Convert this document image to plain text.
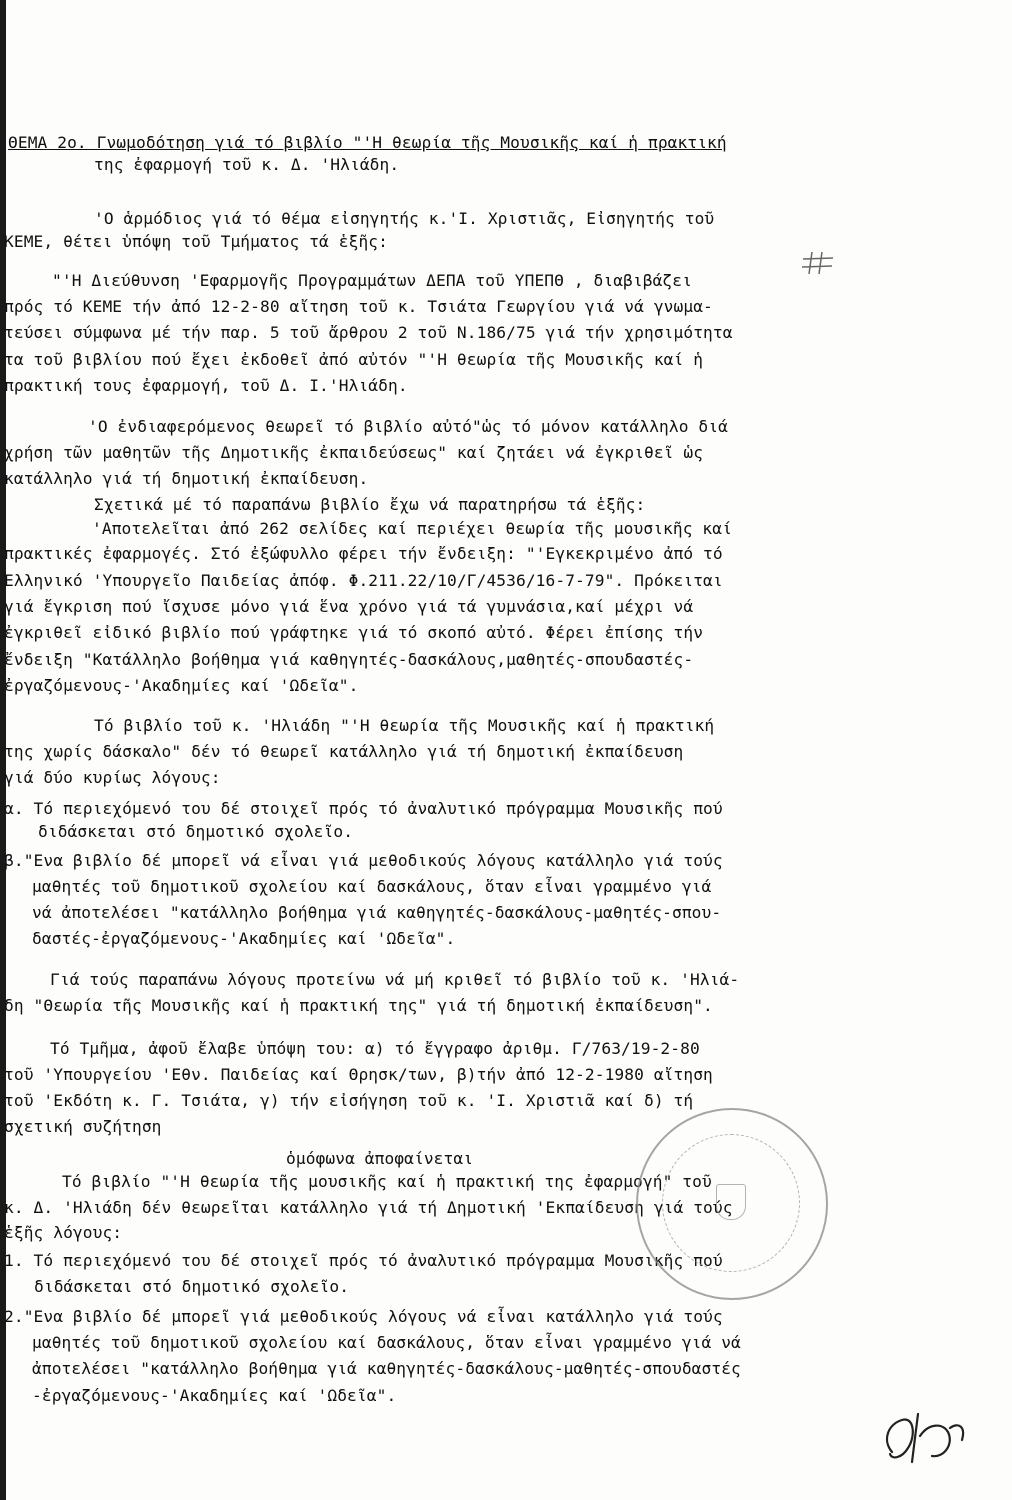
ΘΕΜΑ 2ο. Γνωμοδότηση γιά τό βιβλίο "'Η θεωρία τῆς Μουσικῆς καί ἡ πρακτική
της ἐφαρμογή τοῦ κ. Δ. 'Ηλιάδη.
'Ο ἁρμόδιος γιά τό θέμα εἰσηγητής κ.'Ι. Χριστιᾶς, Εἰσηγητής τοῦ
ΚΕΜΕ, θέτει ὑπόψη τοῦ Τμήματος τά ἑξῆς:
"'Η Διεύθυνση 'Εφαρμογῆς Προγραμμάτων ΔΕΠΑ τοῦ ΥΠΕΠΘ , διαβιβάζει
πρός τό ΚΕΜΕ τήν ἀπό 12-2-80 αἴτηση τοῦ κ. Τσιάτα Γεωργίου γιά νά γνωμα-
τεύσει σύμφωνα μέ τήν παρ. 5 τοῦ ἄρθρου 2 τοῦ Ν.186/75 γιά τήν χρησιμότητα
τα τοῦ βιβλίου πού ἔχει ἐκδοθεῖ ἀπό αὐτόν "'Η θεωρία τῆς Μουσικῆς καί ἡ
πρακτική τους ἐφαρμογή, τοῦ Δ. Ι.'Ηλιάδη.
'Ο ἐνδιαφερόμενος θεωρεῖ τό βιβλίο αὐτό"ὡς τό μόνον κατάλληλο διά
χρήση τῶν μαθητῶν τῆς Δημοτικῆς ἐκπαιδεύσεως" καί ζητάει νά ἐγκριθεῖ ὡς
κατάλληλο γιά τή δημοτική ἐκπαίδευση.
Σχετικά μέ τό παραπάνω βιβλίο ἔχω νά παρατηρήσω τά ἑξῆς:
'Αποτελεῖται ἀπό 262 σελίδες καί περιέχει θεωρία τῆς μουσικῆς καί
πρακτικές ἐφαρμογές. Στό ἐξώφυλλο φέρει τήν ἔνδειξη: "'Εγκεκριμένο ἀπό τό
Ελληνικό 'Υπουργεῖο Παιδείας ἀπόφ. Φ.211.22/10/Γ/4536/16-7-79". Πρόκειται
γιά ἔγκριση πού ἴσχυσε μόνο γιά ἕνα χρόνο γιά τά γυμνάσια,καί μέχρι νά
ἐγκριθεῖ εἰδικό βιβλίο πού γράφτηκε γιά τό σκοπό αὐτό. Φέρει ἐπίσης τήν
ἔνδειξη "Κατάλληλο βοήθημα γιά καθηγητές-δασκάλους,μαθητές-σπουδαστές-
ἐργαζόμενους-'Ακαδημίες καί 'Ωδεῖα".
Τό βιβλίο τοῦ κ. 'Ηλιάδη "'Η θεωρία τῆς Μουσικῆς καί ἡ πρακτική
της χωρίς δάσκαλο" δέν τό θεωρεῖ κατάλληλο γιά τή δημοτική ἐκπαίδευση
γιά δύο κυρίως λόγους:
α. Τό περιεχόμενό του δέ στοιχεῖ πρός τό ἀναλυτικό πρόγραμμα Μουσικῆς πού
διδάσκεται στό δημοτικό σχολεῖο.
β."Ενα βιβλίο δέ μπορεῖ νά εἶναι γιά μεθοδικούς λόγους κατάλληλο γιά τούς
μαθητές τοῦ δημοτικοῦ σχολείου καί δασκάλους, ὅταν εἶναι γραμμένο γιά
νά ἀποτελέσει "κατάλληλο βοήθημα γιά καθηγητές-δασκάλους-μαθητές-σπου-
δαστές-ἐργαζόμενους-'Ακαδημίες καί 'Ωδεῖα".
Γιά τούς παραπάνω λόγους προτείνω νά μή κριθεῖ τό βιβλίο τοῦ κ. 'Ηλιά-
δη "Θεωρία τῆς Μουσικῆς καί ἡ πρακτική της" γιά τή δημοτική ἐκπαίδευση".
Τό Τμῆμα, ἀφοῦ ἔλαβε ὑπόψη του: α) τό ἔγγραφο ἀριθμ. Γ/763/19-2-80
τοῦ 'Υπουργείου 'Εθν. Παιδείας καί Θρησκ/των, β)τήν ἀπό 12-2-1980 αἴτηση
τοῦ 'Εκδότη κ. Γ. Τσιάτα, γ) τήν εἰσήγηση τοῦ κ. 'Ι. Χριστιᾶ καί δ) τή
σχετική συζήτηση
ὁμόφωνα ἀποφαίνεται
Τό βιβλίο "'Η θεωρία τῆς μουσικῆς καί ἡ πρακτική της ἐφαρμογή" τοῦ
κ. Δ. 'Ηλιάδη δέν θεωρεῖται κατάλληλο γιά τή Δημοτική 'Εκπαίδευση γιά τούς
ἑξῆς λόγους:
1. Τό περιεχόμενό του δέ στοιχεῖ πρός τό ἀναλυτικό πρόγραμμα Μουσικῆς πού
διδάσκεται στό δημοτικό σχολεῖο.
2."Ενα βιβλίο δέ μπορεῖ γιά μεθοδικούς λόγους νά εἶναι κατάλληλο γιά τούς
μαθητές τοῦ δημοτικοῦ σχολείου καί δασκάλους, ὅταν εἶναι γραμμένο γιά νά
ἀποτελέσει "κατάλληλο βοήθημα γιά καθηγητές-δασκάλους-μαθητές-σπουδαστές
-ἐργαζόμενους-'Ακαδημίες καί 'Ωδεῖα".
